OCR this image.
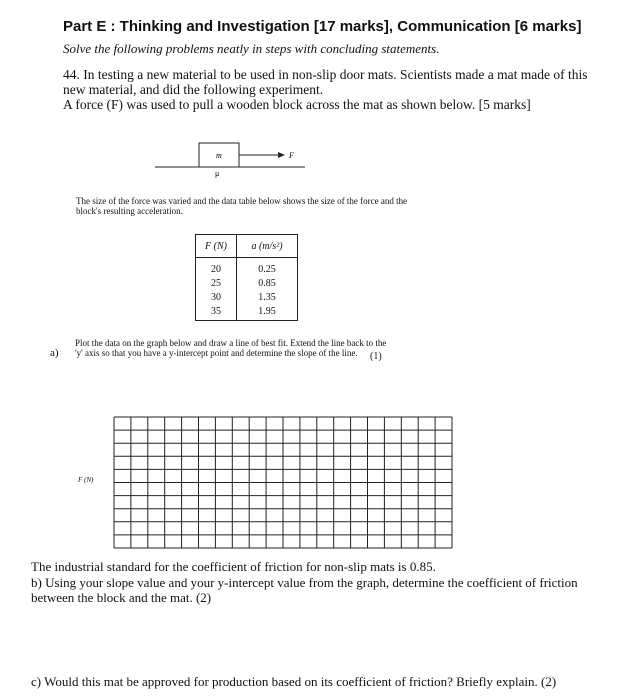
Part E : Thinking and Investigation [17 marks], Communication [6 marks]
Solve the following problems neatly in steps with concluding statements.
44. In testing a new material to be used in non-slip door mats. Scientists made a mat made of this
new material, and did the following experiment.
A force (F) was used to pull a wooden block across the mat as shown below. [5 marks]
m
μ
F
The size of the force was varied and the data table below shows the size of the force and the
block's resulting acceleration.
F (N)	a (m/s²)
20	0.25
25	0.85
30	1.35
35	1.95
a)
Plot the data on the graph below and draw a line of best fit. Extend the line back to the
'y' axis so that you have a y-intercept point and determine the slope of the line. (1)
F (N)
The industrial standard for the coefficient of friction for non-slip mats is 0.85.
b) Using your slope value and your y-intercept value from the graph, determine the coefficient of friction
between the block and the mat. (2)
c) Would this mat be approved for production based on its coefficient of friction? Briefly explain. (2)
